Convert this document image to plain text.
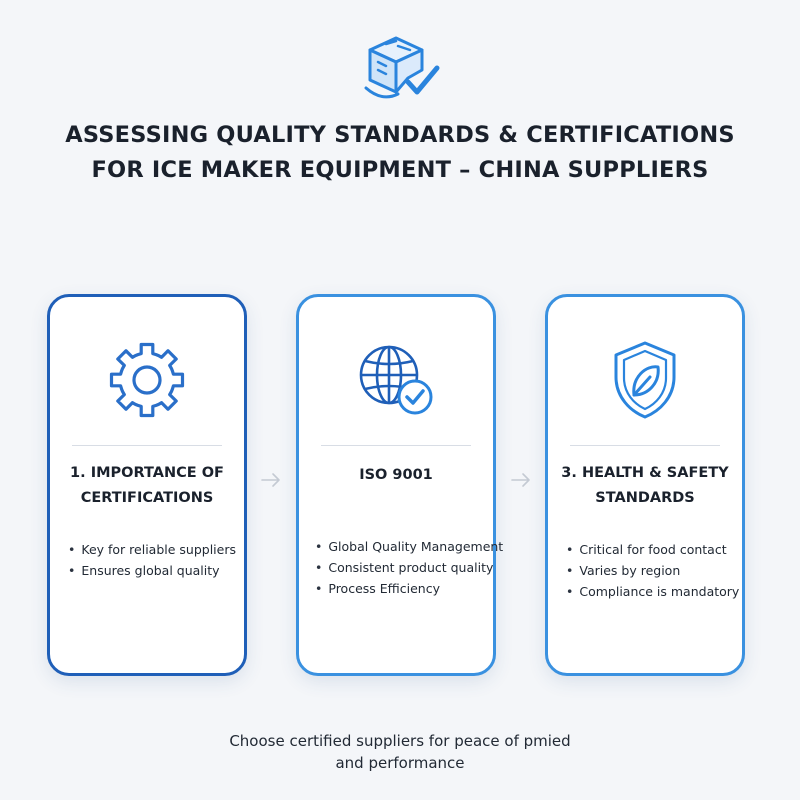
ASSESSING QUALITY STANDARDS & CERTIFICATIONS
FOR ICE MAKER EQUIPMENT – CHINA SUPPLIERS
1. IMPORTANCE OF
CERTIFICATIONS
• Key for reliable suppliers
• Ensures global quality
ISO 9001
• Global Quality Management
• Consistent product quality
• Process Efficiency
3. HEALTH & SAFETY
STANDARDS
• Critical for food contact
• Varies by region
• Compliance is mandatory
Choose certified suppliers for peace of pmied
and performance
